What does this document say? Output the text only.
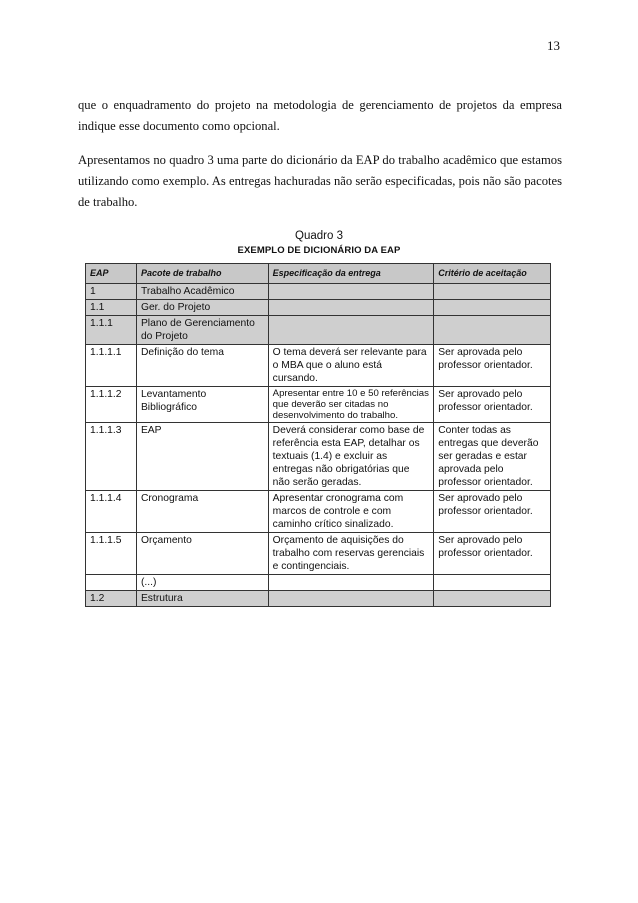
13

que o enquadramento do projeto na metodologia de gerenciamento de projetos da empresa indique esse documento como opcional.

Apresentamos no quadro 3 uma parte do dicionário da EAP do trabalho acadêmico que estamos utilizando como exemplo. As entregas hachuradas não serão especificadas, pois não são pacotes de trabalho.

Quadro 3
EXEMPLO DE DICIONÁRIO DA EAP
EAP	Pacote de trabalho	Especificação da entrega	Critério de aceitação
1	Trabalho Acadêmico		
1.1	Ger. do Projeto		
1.1.1	Plano de Gerenciamento do Projeto		
1.1.1.1	Definição do tema	O tema deverá ser relevante para o MBA que o aluno está cursando.	Ser aprovada pelo professor orientador.
1.1.1.2	Levantamento Bibliográfico	Apresentar entre 10 e 50 referências que deverão ser citadas no desenvolvimento do trabalho.	Ser aprovado pelo professor orientador.
1.1.1.3	EAP	Deverá considerar como base de referência esta EAP, detalhar os textuais (1.4) e excluir as entregas não obrigatórias que não serão geradas.	Conter todas as entregas que deverão ser geradas e estar aprovada pelo professor orientador.
1.1.1.4	Cronograma	Apresentar cronograma com marcos de controle e com caminho crítico sinalizado.	Ser aprovado pelo professor orientador.
1.1.1.5	Orçamento	Orçamento de aquisições do trabalho com reservas gerenciais e contingenciais.	Ser aprovado pelo professor orientador.
	(...)		
1.2	Estrutura		
